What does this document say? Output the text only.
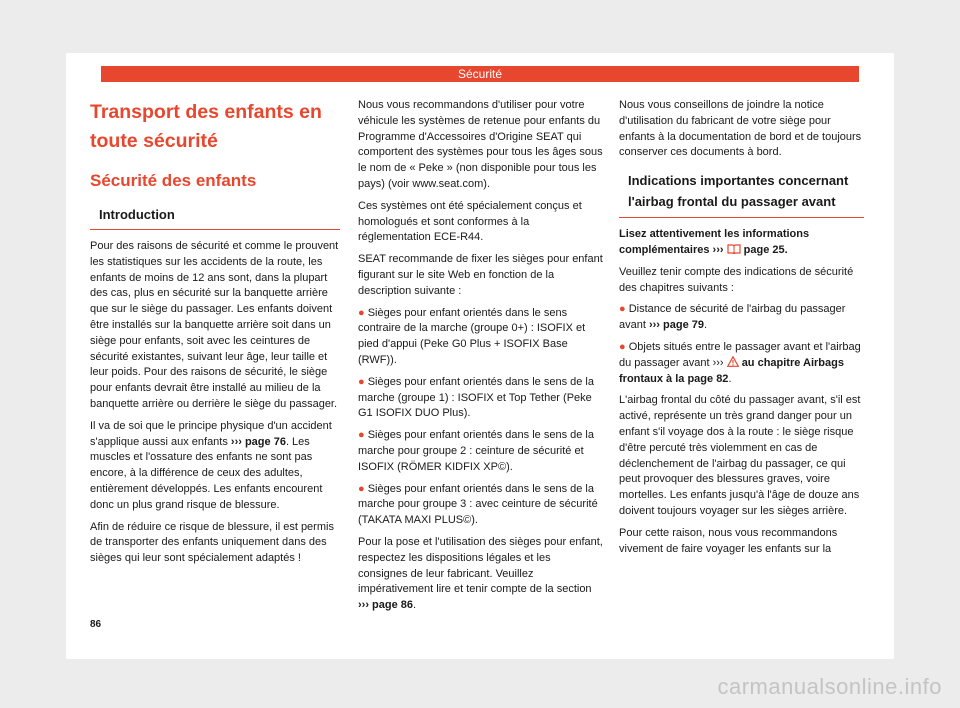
Sécurité
Transport des enfants en
toute sécurité
Sécurité des enfants
Introduction

Pour des raisons de sécurité et comme le prouvent les statistiques sur les accidents de la route, les enfants de moins de 12 ans sont, dans la plupart des cas, plus en sécurité sur la banquette arrière que sur le siège du passager. Les enfants doivent être installés sur la banquette arrière soit dans un siège pour enfants, soit avec les ceintures de sécurité existantes, suivant leur âge, leur taille et leur poids. Pour des raisons de sécurité, le siège pour enfants devrait être installé au milieu de la banquette arrière ou derrière le siège du passager.

Il va de soi que le principe physique d'un accident s'applique aussi aux enfants ››› page 76. Les muscles et l'ossature des enfants ne sont pas encore, à la différence de ceux des adultes, entièrement développés. Les enfants encourent donc un plus grand risque de blessure.

Afin de réduire ce risque de blessure, il est permis de transporter des enfants uniquement dans des sièges qui leur sont spécialement adaptés !

Nous vous recommandons d'utiliser pour votre véhicule les systèmes de retenue pour enfants du Programme d'Accessoires d'Origine SEAT qui comportent des systèmes pour tous les âges sous le nom de « Peke » (non disponible pour tous les pays) (voir www.seat.com).

Ces systèmes ont été spécialement conçus et homologués et sont conformes à la réglementation ECE-R44.

SEAT recommande de fixer les sièges pour enfant figurant sur le site Web en fonction de la description suivante :

● Sièges pour enfant orientés dans le sens contraire de la marche (groupe 0+) : ISOFIX et pied d'appui (Peke G0 Plus + ISOFIX Base (RWF)).
● Sièges pour enfant orientés dans le sens de la marche (groupe 1) : ISOFIX et Top Tether (Peke G1 ISOFIX DUO Plus).
● Sièges pour enfant orientés dans le sens de la marche pour groupe 2 : ceinture de sécurité et ISOFIX (RÖMER KIDFIX XP©).
● Sièges pour enfant orientés dans le sens de la marche pour groupe 3 : avec ceinture de sécurité (TAKATA MAXI PLUS©).

Pour la pose et l'utilisation des sièges pour enfant, respectez les dispositions légales et les consignes de leur fabricant. Veuillez impérativement lire et tenir compte de la section ››› page 86.

Nous vous conseillons de joindre la notice d'utilisation du fabricant de votre siège pour enfants à la documentation de bord et de toujours conserver ces documents à bord.

Indications importantes concernant l'airbag frontal du passager avant

Lisez attentivement les informations complémentaires ››› page 25.

Veuillez tenir compte des indications de sécurité des chapitres suivants :

● Distance de sécurité de l'airbag du passager avant ››› page 79.
● Objets situés entre le passager avant et l'airbag du passager avant ››› au chapitre Airbags frontaux à la page 82.

L'airbag frontal du côté du passager avant, s'il est activé, représente un très grand danger pour un enfant s'il voyage dos à la route : le siège risque d'être percuté très violemment en cas de déclenchement de l'airbag du passager, ce qui peut provoquer des blessures graves, voire mortelles. Les enfants jusqu'à l'âge de douze ans doivent toujours voyager sur les sièges arrière.

Pour cette raison, nous vous recommandons vivement de faire voyager les enfants sur la

86
carmanualsonline.info
